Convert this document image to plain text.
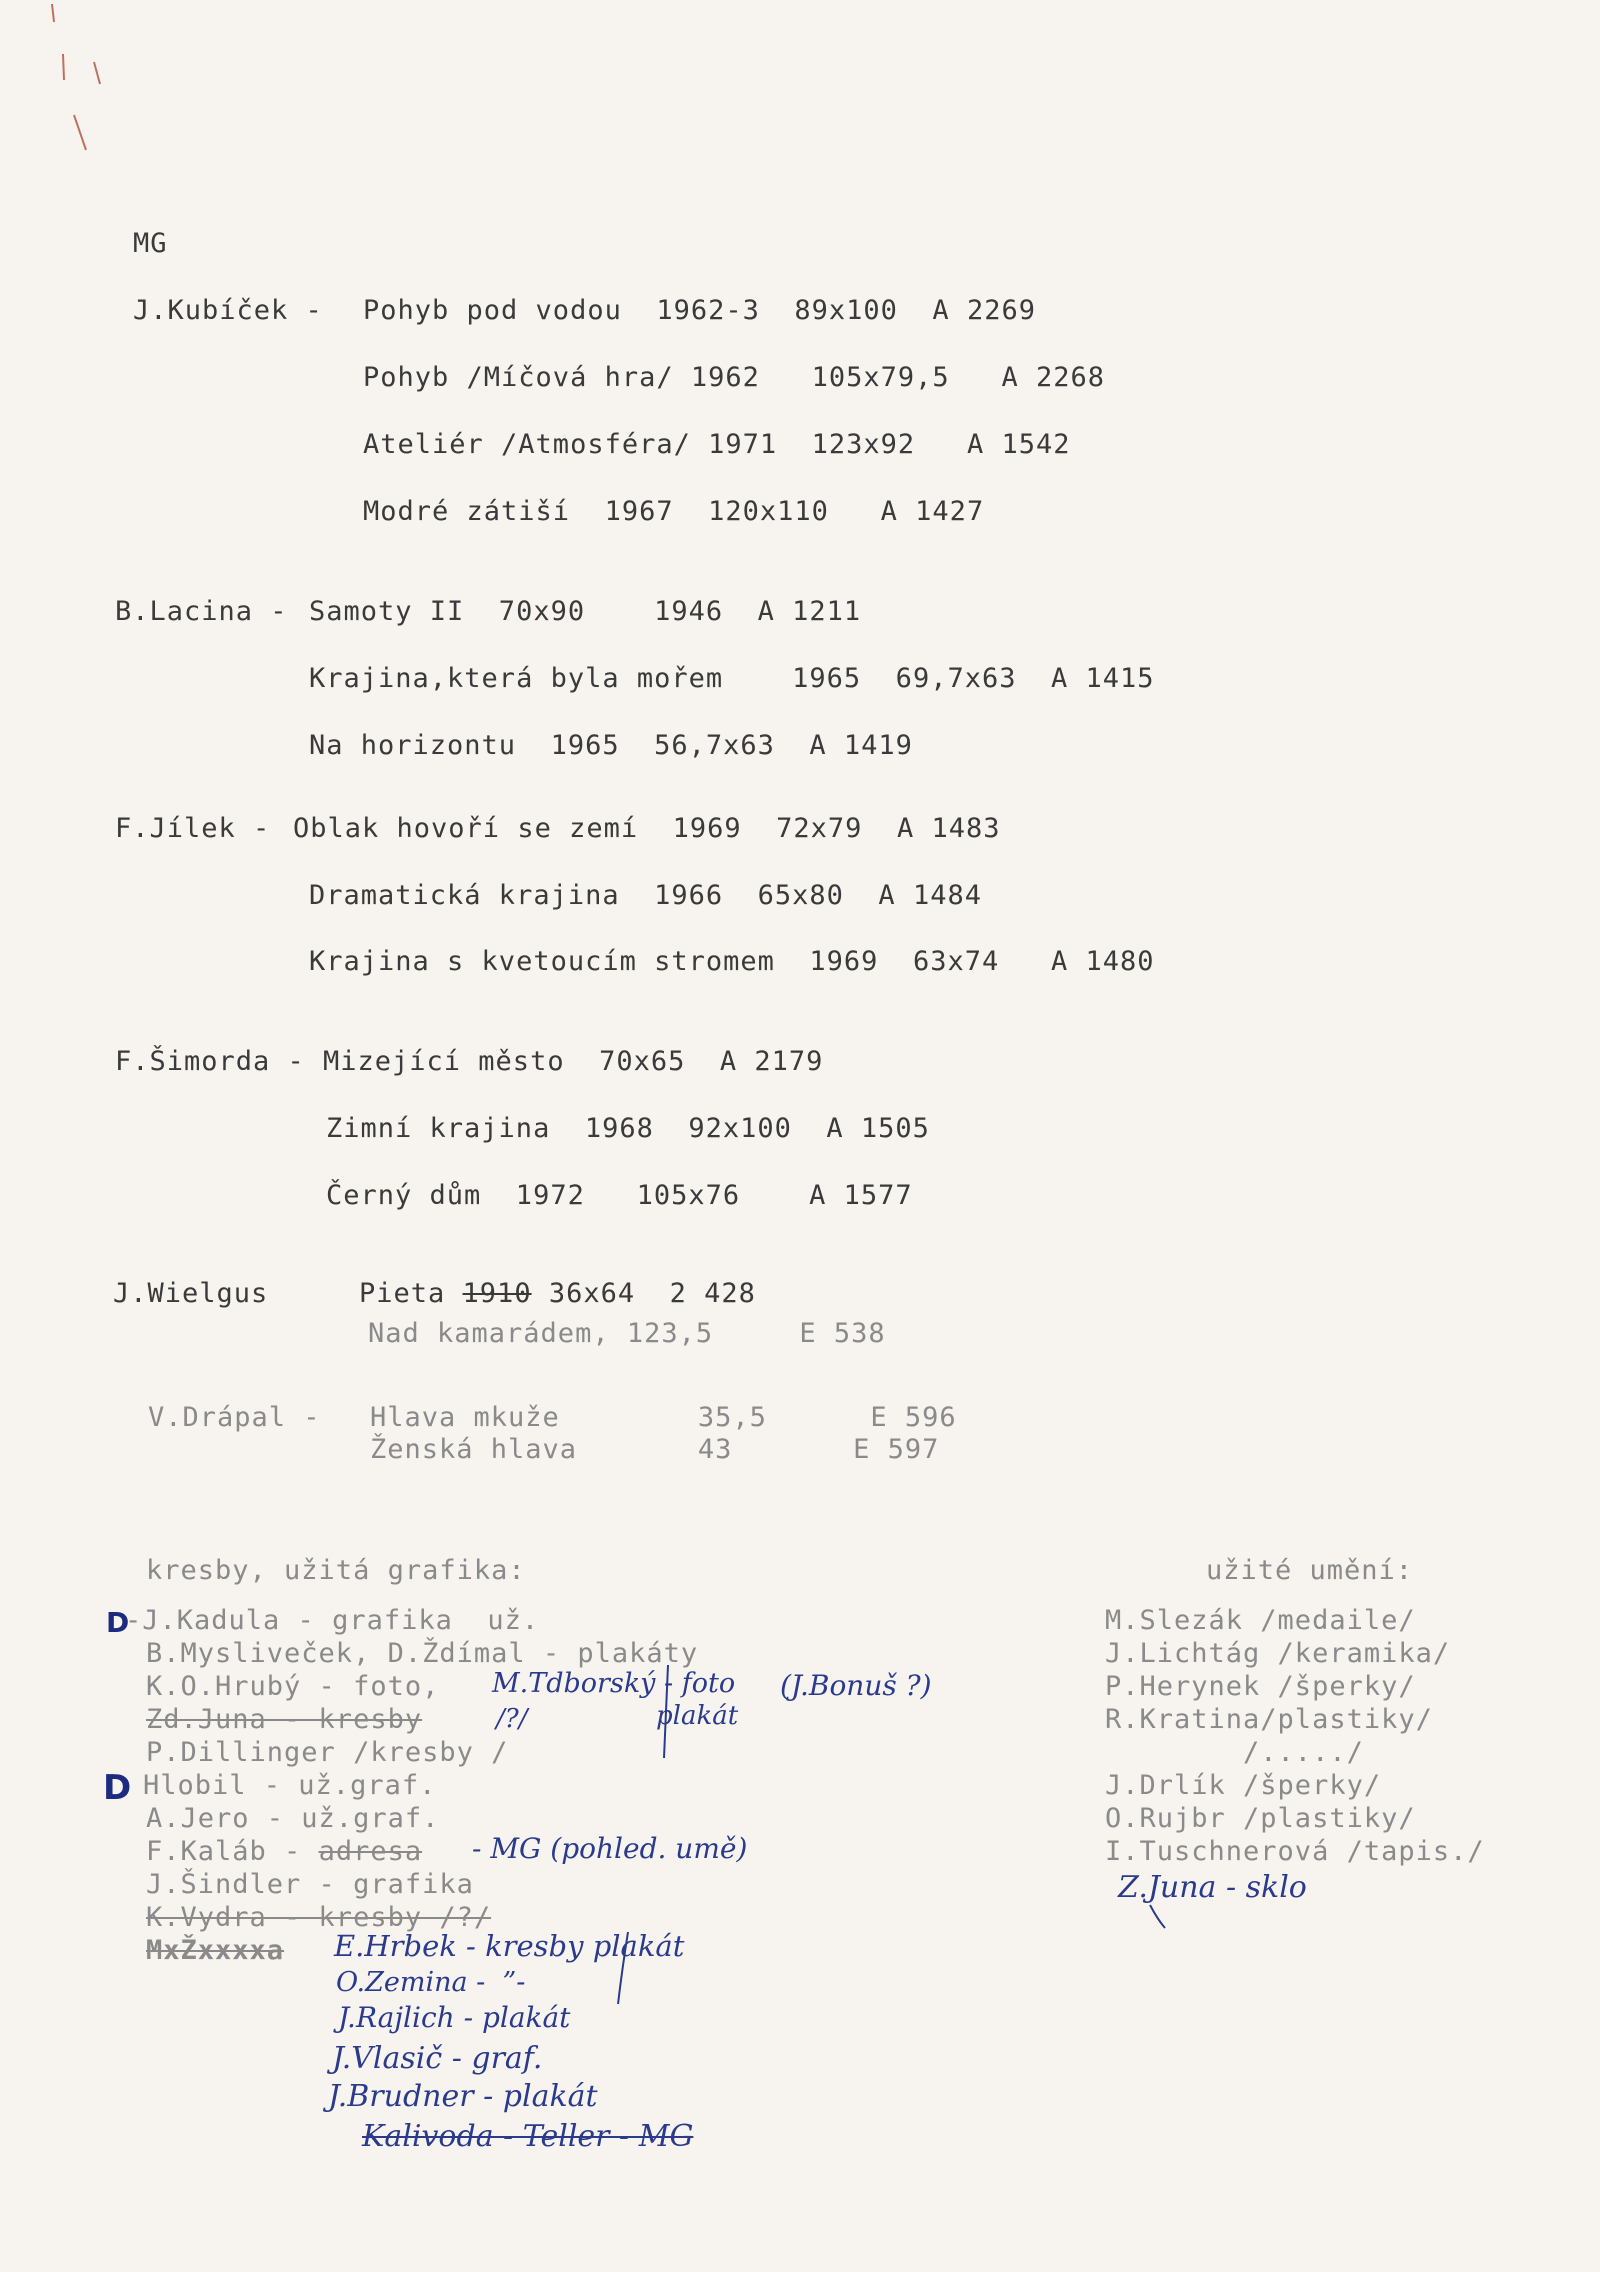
MG
J.Kubíček - Pohyb pod vodou  1962-3  89x100  A 2269
Pohyb /Míčová hra/ 1962   105x79,5   A 2268
Ateliér /Atmosféra/ 1971  123x92   A 1542
Modré zátiší  1967  120x110   A 1427
B.Lacina - Samoty II  70x90    1946  A 1211
Krajina,která byla mořem    1965  69,7x63  A 1415
Na horizontu  1965  56,7x63  A 1419
F.Jílek - Oblak hovoří se zemí  1969  72x79  A 1483
Dramatická krajina  1966  65x80  A 1484
Krajina s kvetoucím stromem  1969  63x74   A 1480
F.Šimorda - Mizející město  70x65  A 2179
Zimní krajina  1968  92x100  A 1505
Černý dům  1972   105x76    A 1577
J.Wielgus	Pieta 1910 36x64  2 428
Nad kamarádem, 123,5     E 538
V.Drápal - Hlava mkuže        35,5      E 596
Ženská hlava       43       E 597
kresby, užitá grafika:
D
-J.Kadula - grafika  už.
B.Mysliveček, D.Ždímal - plakáty
K.O.Hrubý - foto,
Zd.Juna - kresby
P.Dillinger /kresby /
D Hlobil - už.graf.
A.Jero - už.graf.
F.Kaláb - adresa
J.Šindler - grafika
K.Vydra - kresby /?/
MxŽxxxxa
užité umění:
M.Slezák /medaile/
J.Lichtág /keramika/
P.Herynek /šperky/
R.Kratina/plastiky/
/...../
J.Drlík /šperky/
O.Rujbr /plastiky/
I.Tuschnerová /tapis./
M.Tdborský - foto (J.Bonuš ?)
plakát
/?/
- MG (pohled. umě)
E.Hrbek - kresby plakát
O.Zemina -  ”-
J.Rajlich - plakát
J.Vlasič - graf.
J.Brudner - plakát
Kalivoda - Teller - MG
Z.Juna - sklo
